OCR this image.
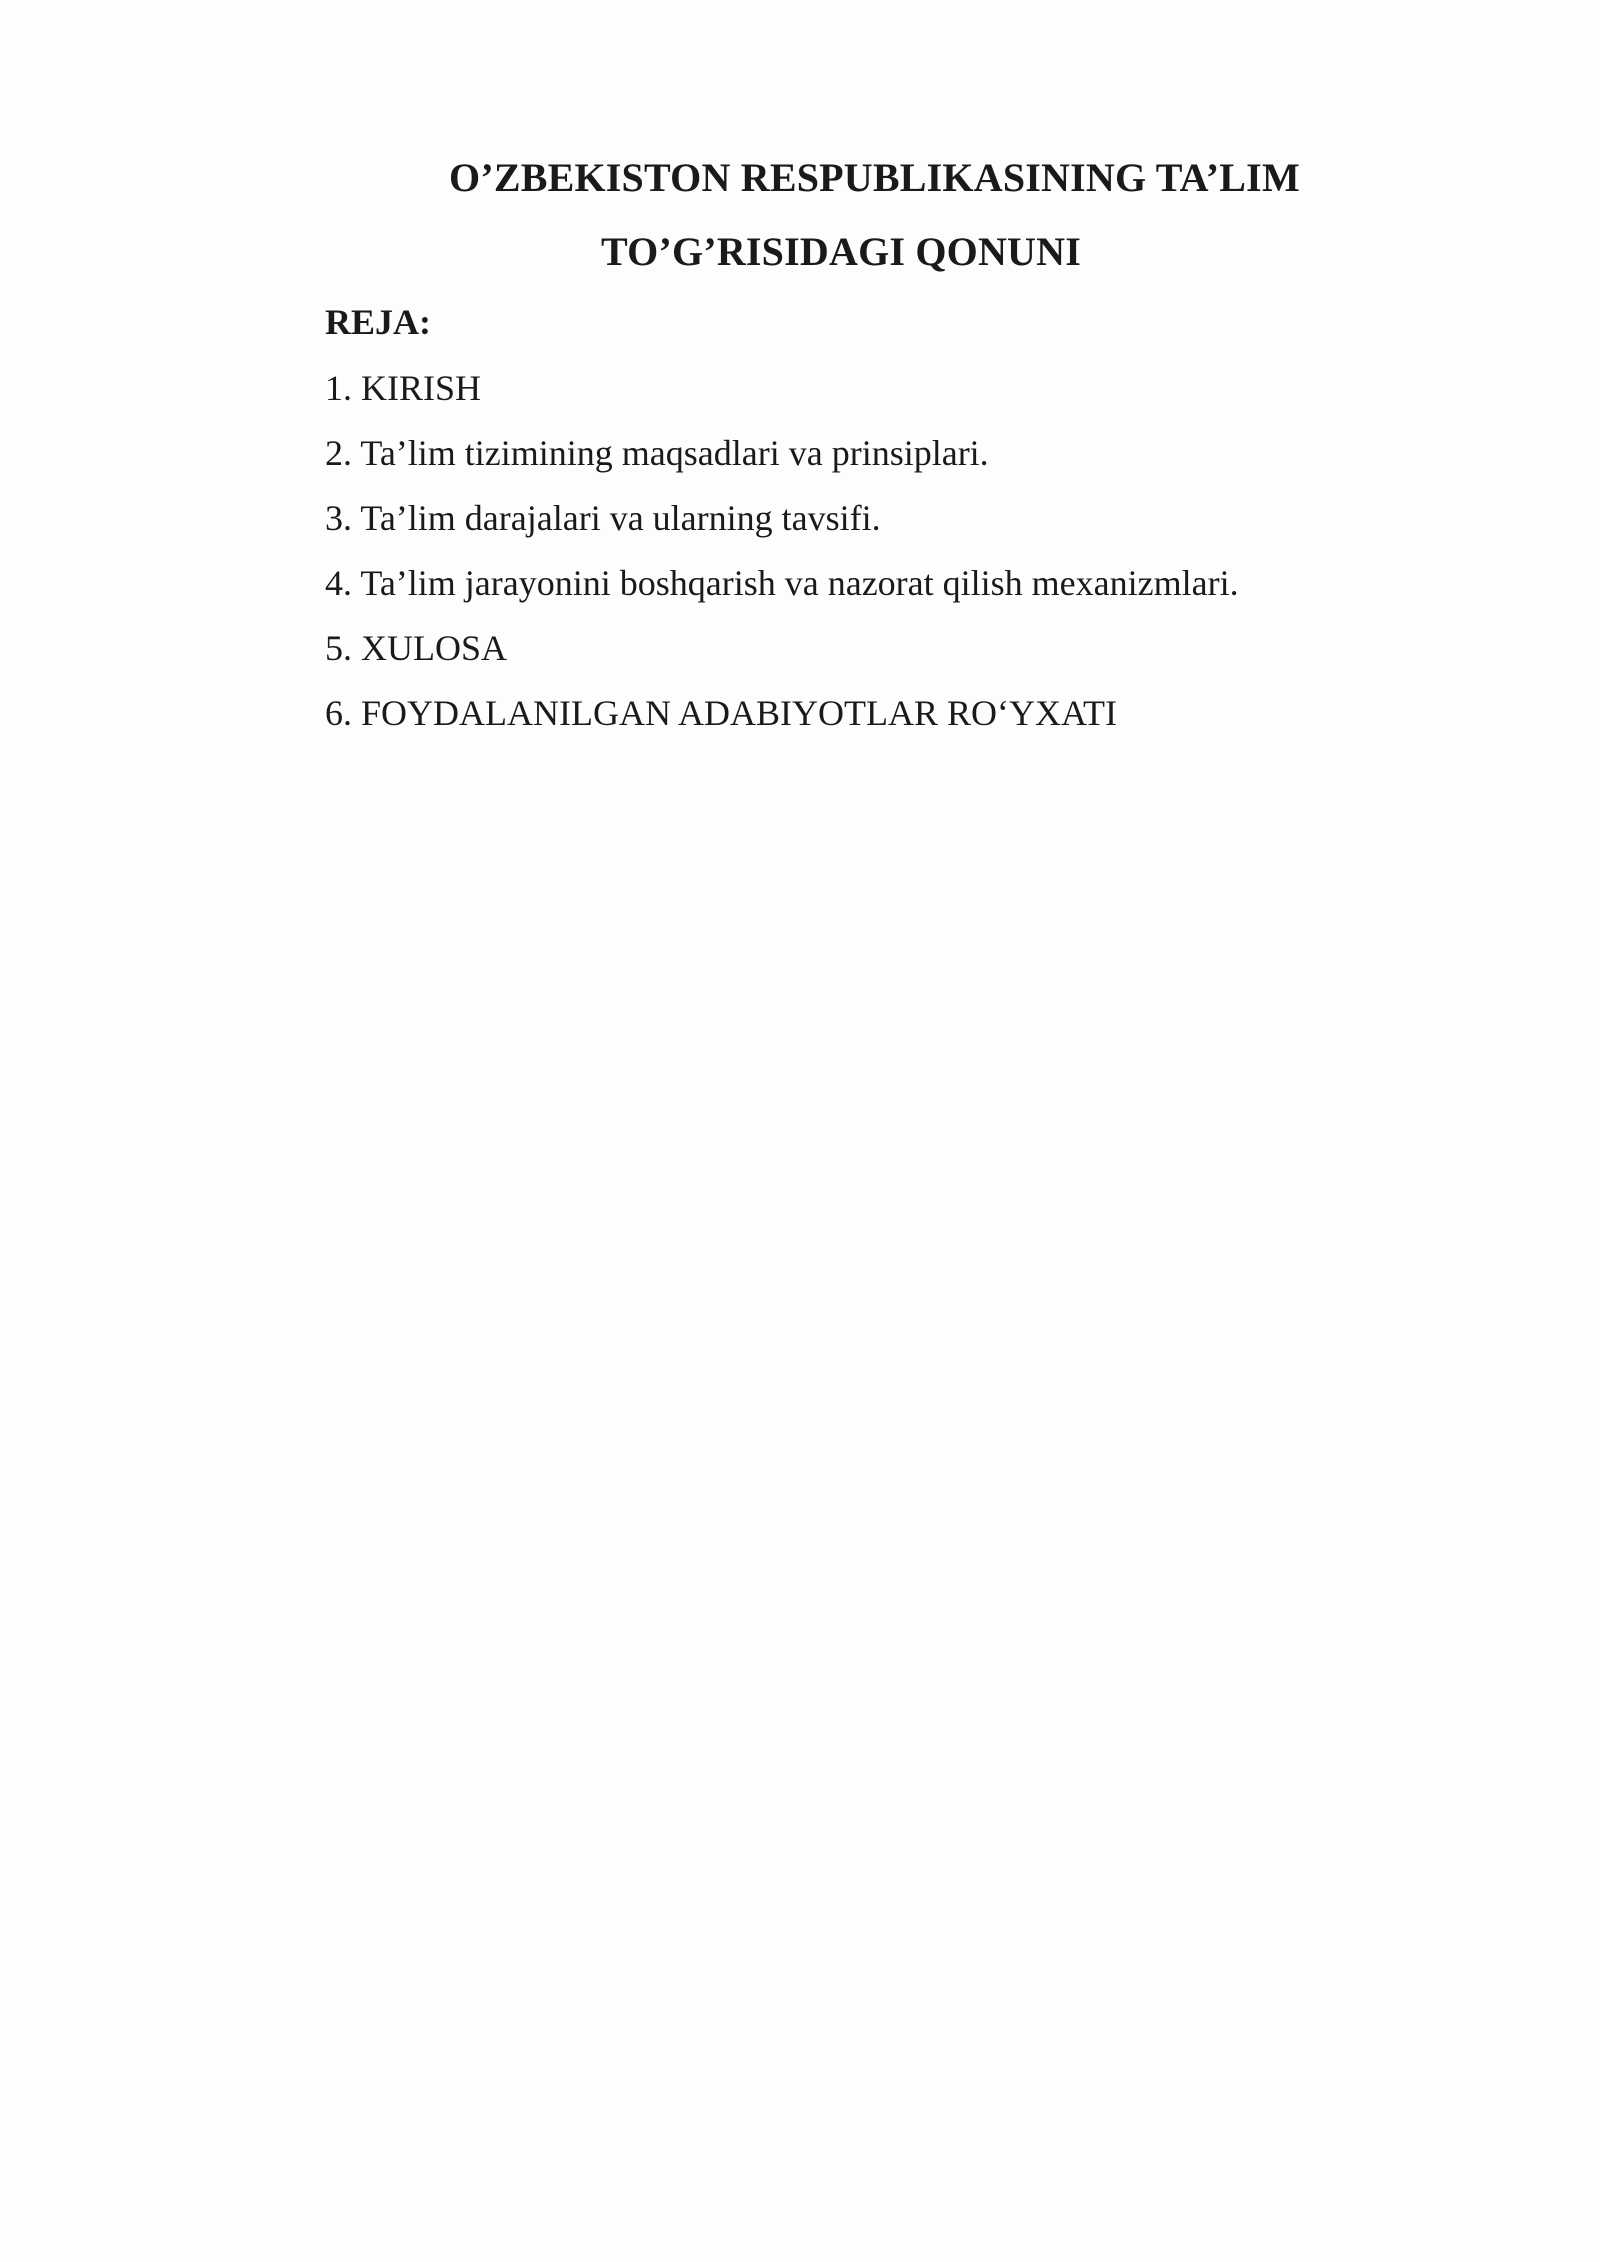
O’ZBEKISTON RESPUBLIKASINING TA’LIM
TO’G’RISIDAGI QONUNI
REJA:
1. KIRISH
2. Ta’lim tizimining maqsadlari va prinsiplari.
3. Ta’lim darajalari va ularning tavsifi.
4. Ta’lim jarayonini boshqarish va nazorat qilish mexanizmlari.
5. XULOSA
6. FOYDALANILGAN ADABIYOTLAR RO‘YXATI
